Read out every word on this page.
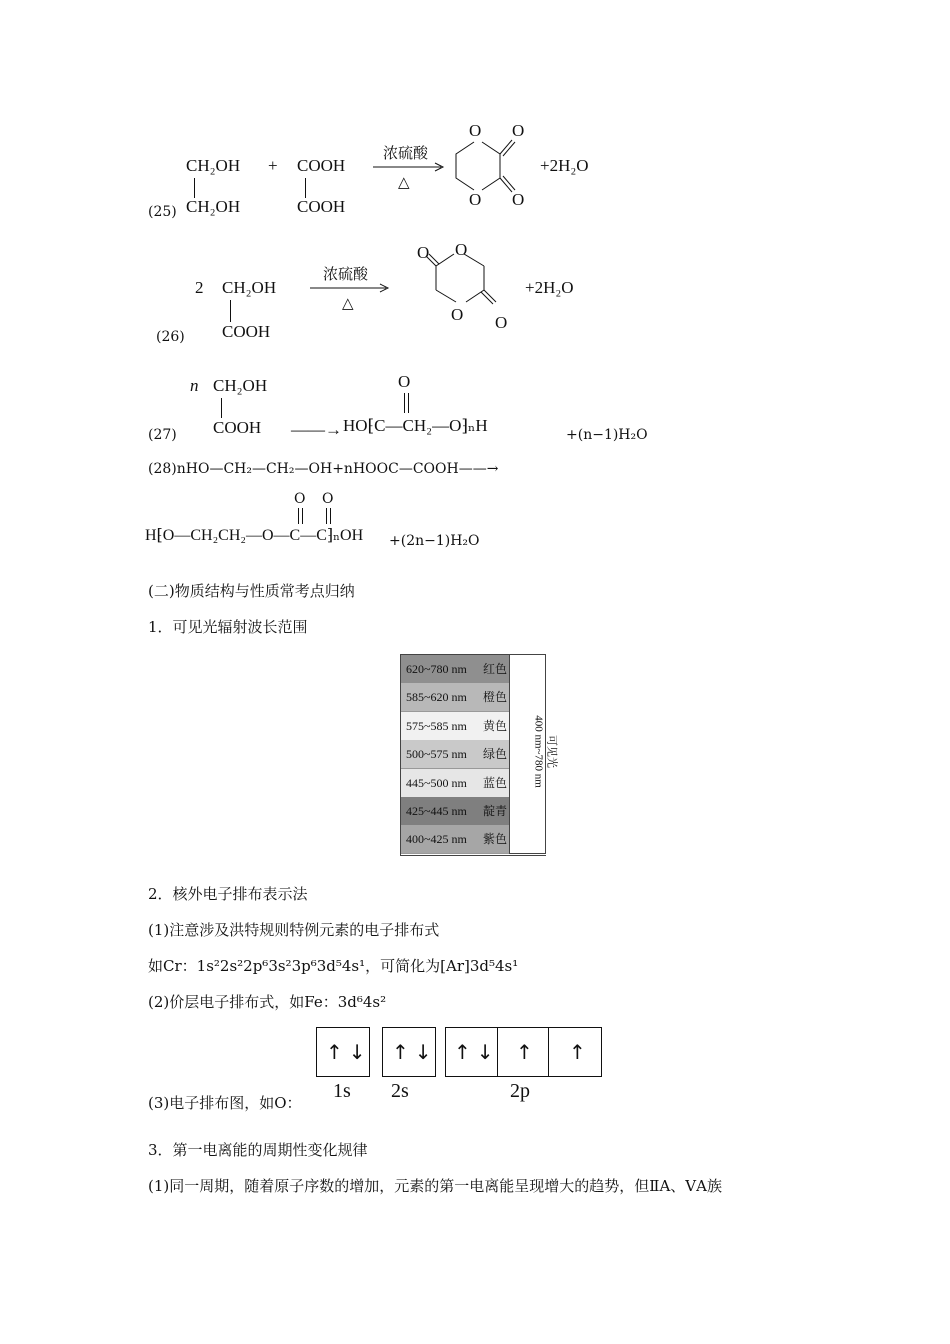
(25)
CH₂OH
CH₂OH
+ COOH
COOH
浓硫酸
△
O
O
O
O
+2H₂O
(26)
2 CH₂OH
COOH
浓硫酸
△
O O
O O
+2H₂O
(27)
n CH₂OH
COOH ——→
O
HO⁅C—CH₂—O⁆ₙH	+(n−1)H₂O
(28)nHO—CH₂—CH₂—OH+nHOOC—COOH——→
O O
H⁅O—CH₂CH₂—O—C—C⁆ₙOH +(2n−1)H₂O
(二)物质结构与性质常考点归纳
1．可见光辐射波长范围
620~780 nm 红色
585~620 nm 橙色
575~585 nm 黄色
500~575 nm 绿色
445~500 nm 蓝色
425~445 nm 靛青
400~425 nm 紫色
400 nm~780 nm 可见光
2．核外电子排布表示法
(1)注意涉及洪特规则特例元素的电子排布式
如Cr：1s²2s²2p⁶3s²3p⁶3d⁵4s¹，可简化为[Ar]3d⁵4s¹
(2)价层电子排布式，如Fe：3d⁶4s²
↑↓ ↑↓ ↑↓ ↑ ↑
1s 2s	2p
(3)电子排布图，如O：
3．第一电离能的周期性变化规律
(1)同一周期，随着原子序数的增加，元素的第一电离能呈现增大的趋势，但ⅡA、ⅤA族
